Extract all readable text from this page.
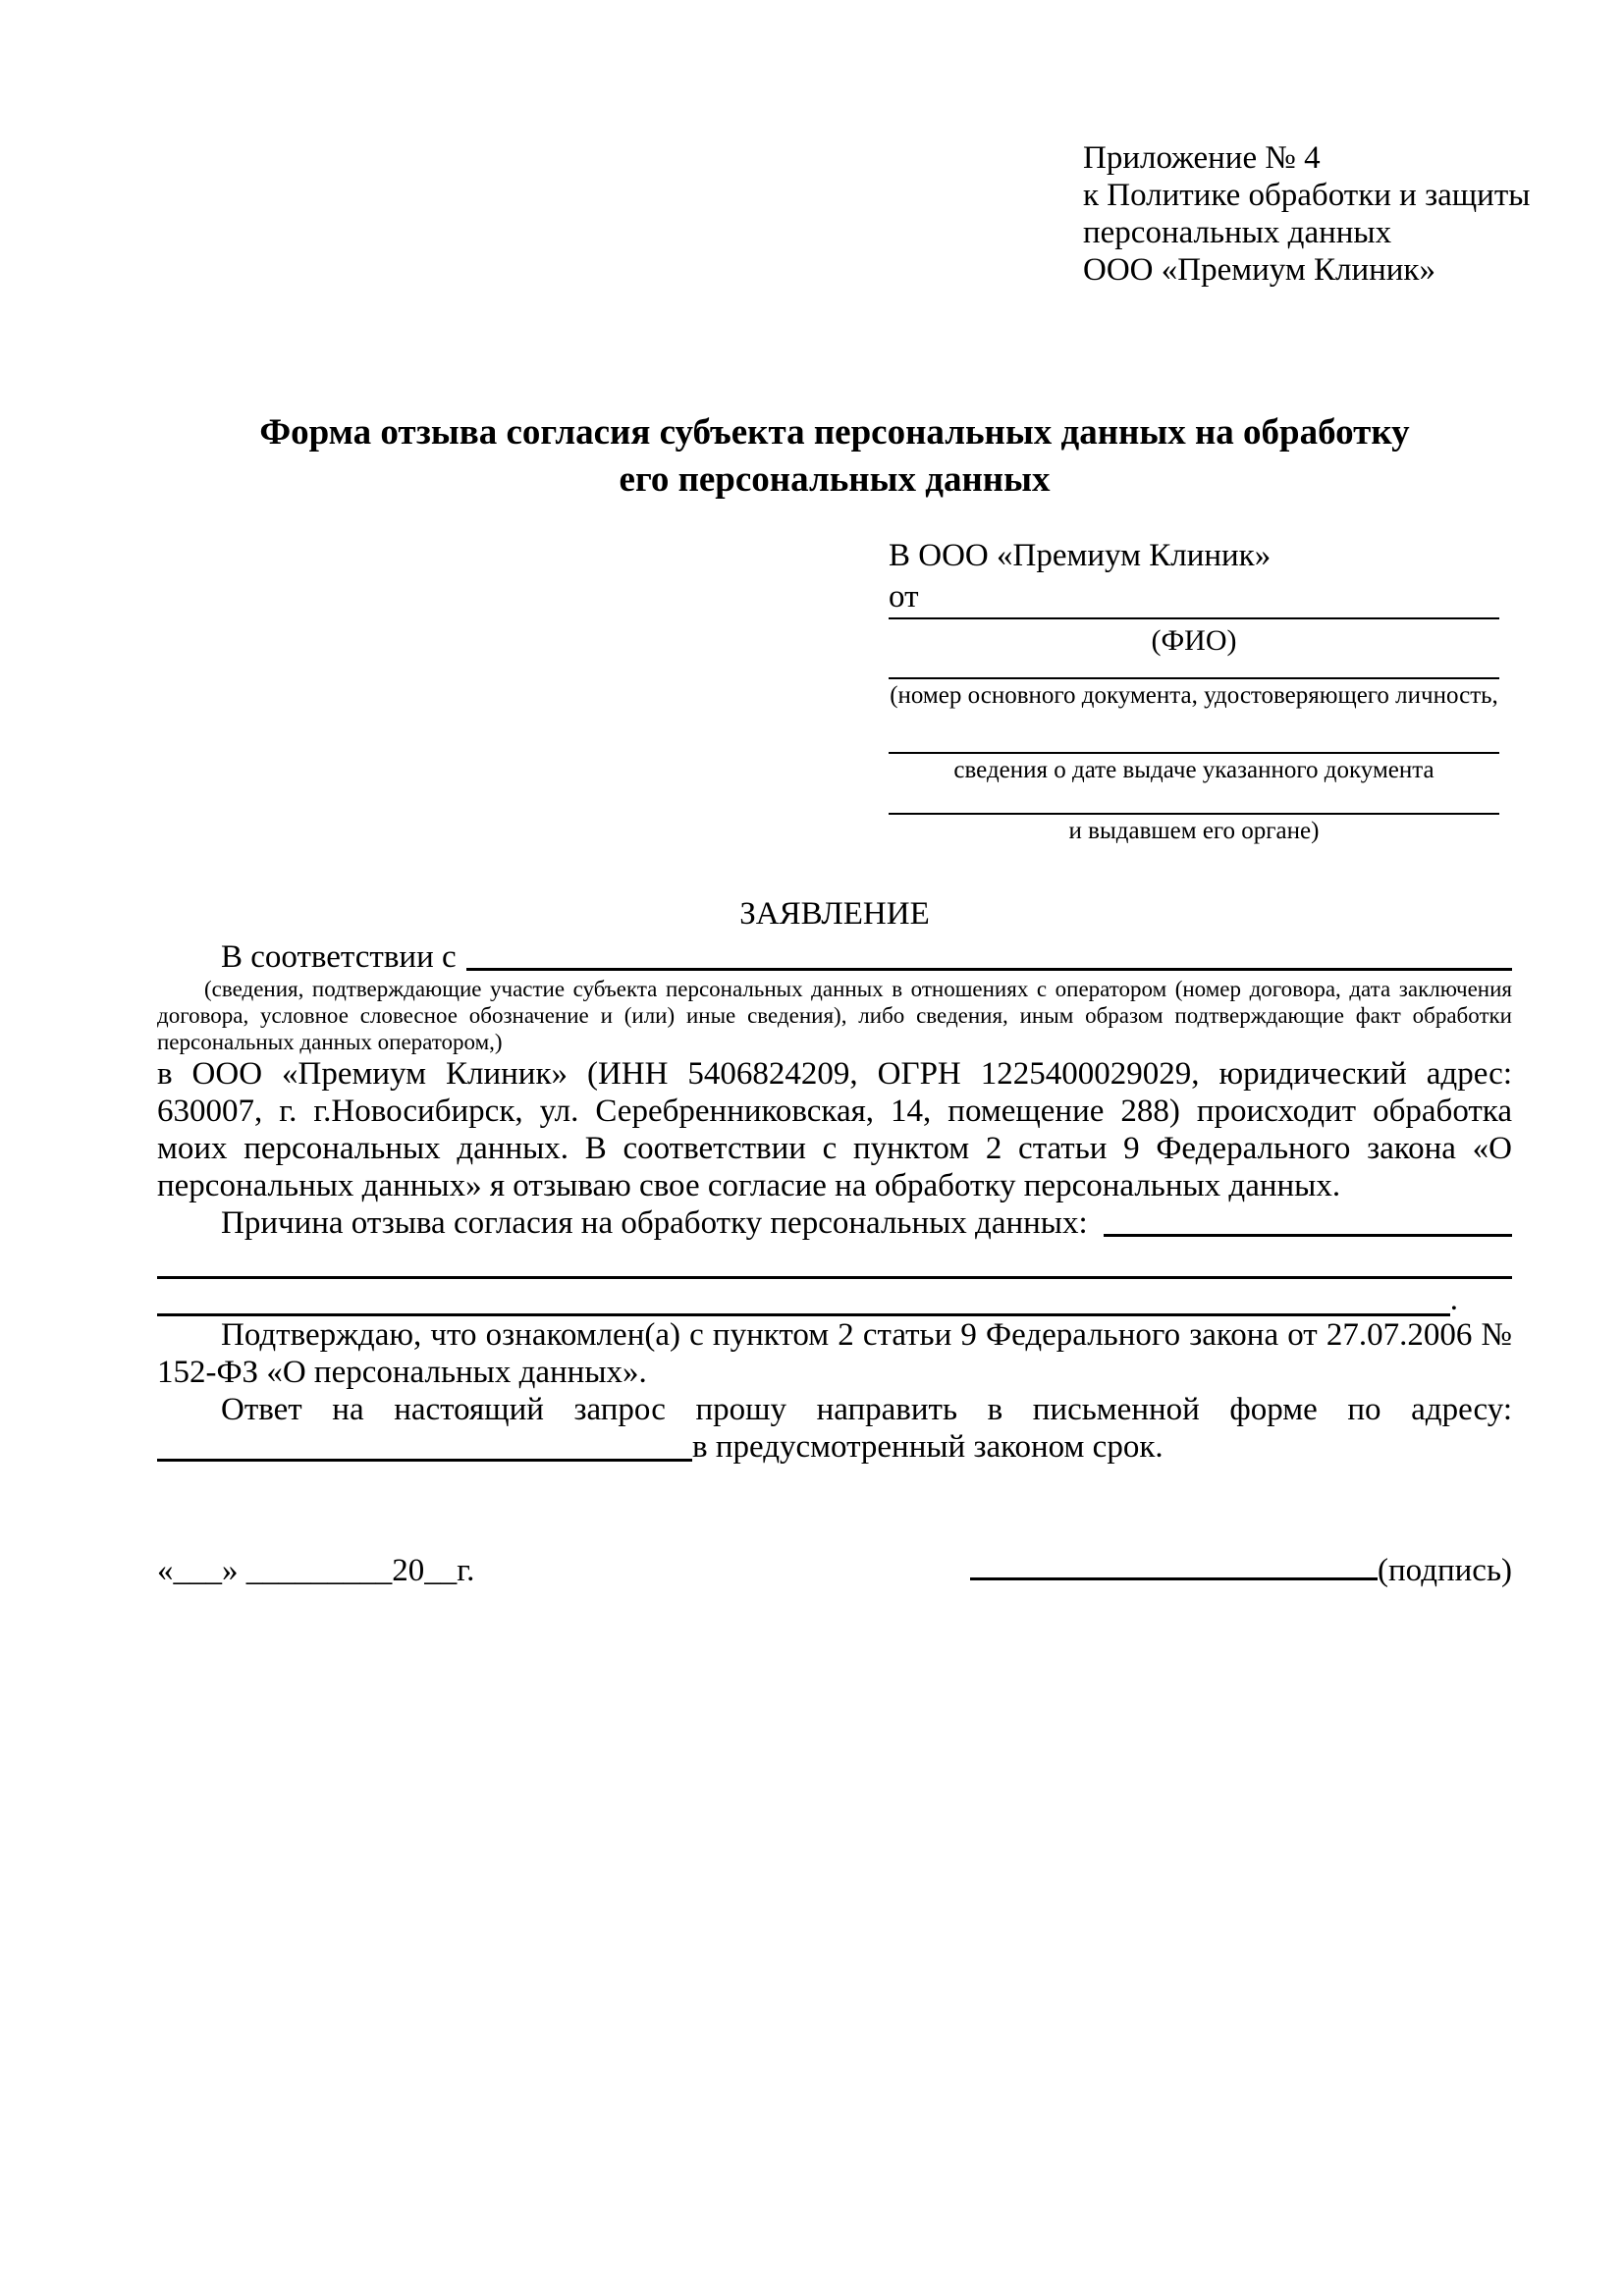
Приложение № 4
к Политике обработки и защиты
персональных данных
ООО «Премиум Клиник»
Форма отзыва согласия субъекта персональных данных на обработку
его персональных данных
В ООО «Премиум Клиник»
от
(ФИО)
(номер основного документа, удостоверяющего личность,
сведения о дате выдаче указанного документа
и выдавшем его органе)
ЗАЯВЛЕНИЕ
В соответствии с
(сведения, подтверждающие участие субъекта персональных данных в отношениях с оператором (номер договора, дата заключения договора, условное словесное обозначение и (или) иные сведения), либо сведения, иным образом подтверждающие факт обработки персональных данных оператором,)
в ООО «Премиум Клиник» (ИНН 5406824209, ОГРН 1225400029029, юридический адрес: 630007, г. г.Новосибирск, ул. Серебренниковская, 14, помещение 288) происходит обработка моих персональных данных. В соответствии с пунктом 2 статьи 9 Федерального закона «О персональных данных» я отзываю свое согласие на обработку персональных данных.
Причина отзыва согласия на обработку персональных данных:
.
Подтверждаю, что ознакомлен(а) с пунктом 2 статьи 9 Федерального закона от 27.07.2006 № 152-ФЗ «О персональных данных».
Ответ на настоящий запрос прошу направить в письменной форме по адресу:
в предусмотренный законом срок.
«___» _________20__г.	(подпись)
